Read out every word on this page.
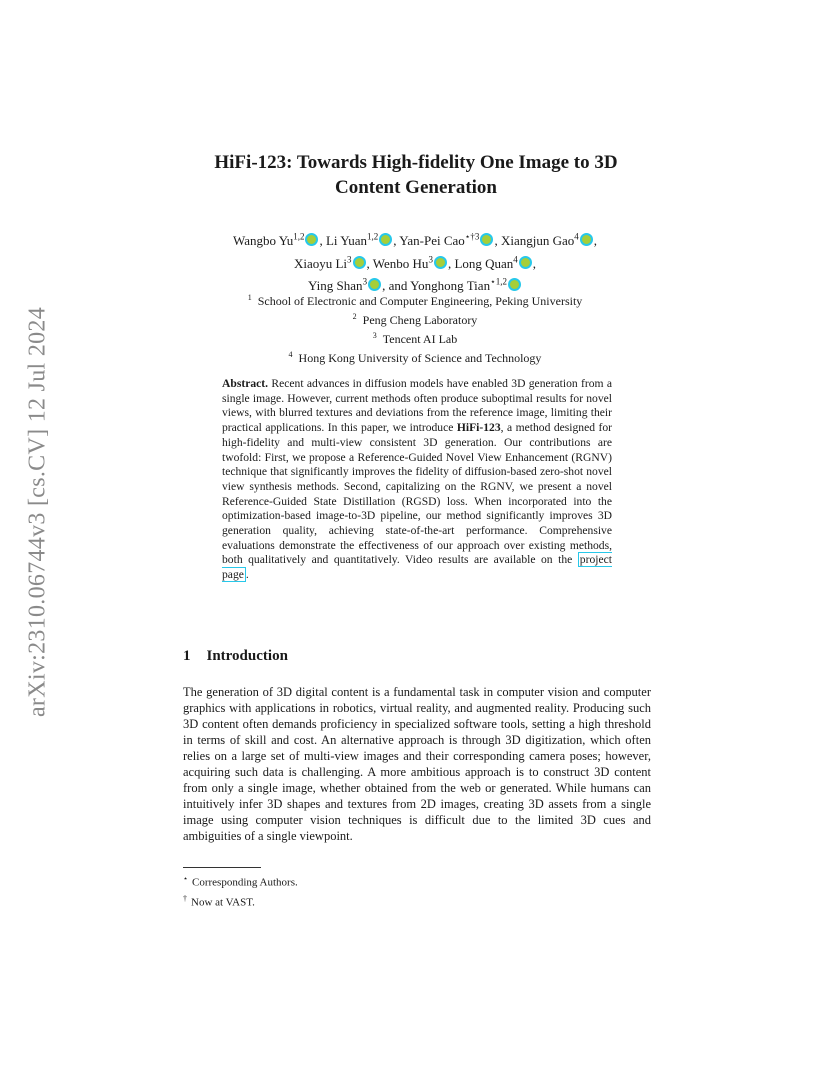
arXiv:2310.06744v3 [cs.CV] 12 Jul 2024
HiFi-123: Towards High-fidelity One Image to 3D
Content Generation
Wangbo Yu$^{1,2}$ , Li Yuan$^{1,2}$ , Yan-Pei Cao$^{⋆\dagger 3}$ , Xiangjun Gao$^4$ ,
Xiaoyu Li$^3$ , Wenbo Hu$^3$ , Long Quan$^4$ ,
Ying Shan$^3$ , and Yonghong Tian$^{⋆1,2}$
$^1$ School of Electronic and Computer Engineering, Peking University
$^2$ Peng Cheng Laboratory
$^3$ Tencent AI Lab
$^4$ Hong Kong University of Science and Technology
Abstract. Recent advances in diffusion models have enabled 3D generation from a single image. However, current methods often produce suboptimal results for novel views, with blurred textures and deviations from the reference image, limiting their practical applications. In this paper, we introduce HiFi-123, a method designed for high-fidelity and multi-view consistent 3D generation. Our contributions are twofold: First, we propose a Reference-Guided Novel View Enhancement (RGNV) technique that significantly improves the fidelity of diffusion-based zero-shot novel view synthesis methods. Second, capitalizing on the RGNV, we present a novel Reference-Guided State Distillation (RGSD) loss. When incorporated into the optimization-based image-to-3D pipeline, our method significantly improves 3D generation quality, achieving state-of-the-art performance. Comprehensive evaluations demonstrate the effectiveness of our approach over existing methods, both qualitatively and quantitatively. Video results are available on the project page .
1 Introduction
The generation of 3D digital content is a fundamental task in computer vision and computer graphics with applications in robotics, virtual reality, and augmented reality. Producing such 3D content often demands proficiency in specialized software tools, setting a high threshold in terms of skill and cost. An alternative approach is through 3D digitization, which often relies on a large set of multi-view images and their corresponding camera poses; however, acquiring such data is challenging. A more ambitious approach is to construct 3D content from only a single image, whether obtained from the web or generated. While humans can intuitively infer 3D shapes and textures from 2D images, creating 3D assets from a single image using computer vision techniques is difficult due to the limited 3D cues and ambiguities of a single viewpoint.
⋆ Corresponding Authors.
† Now at VAST.
